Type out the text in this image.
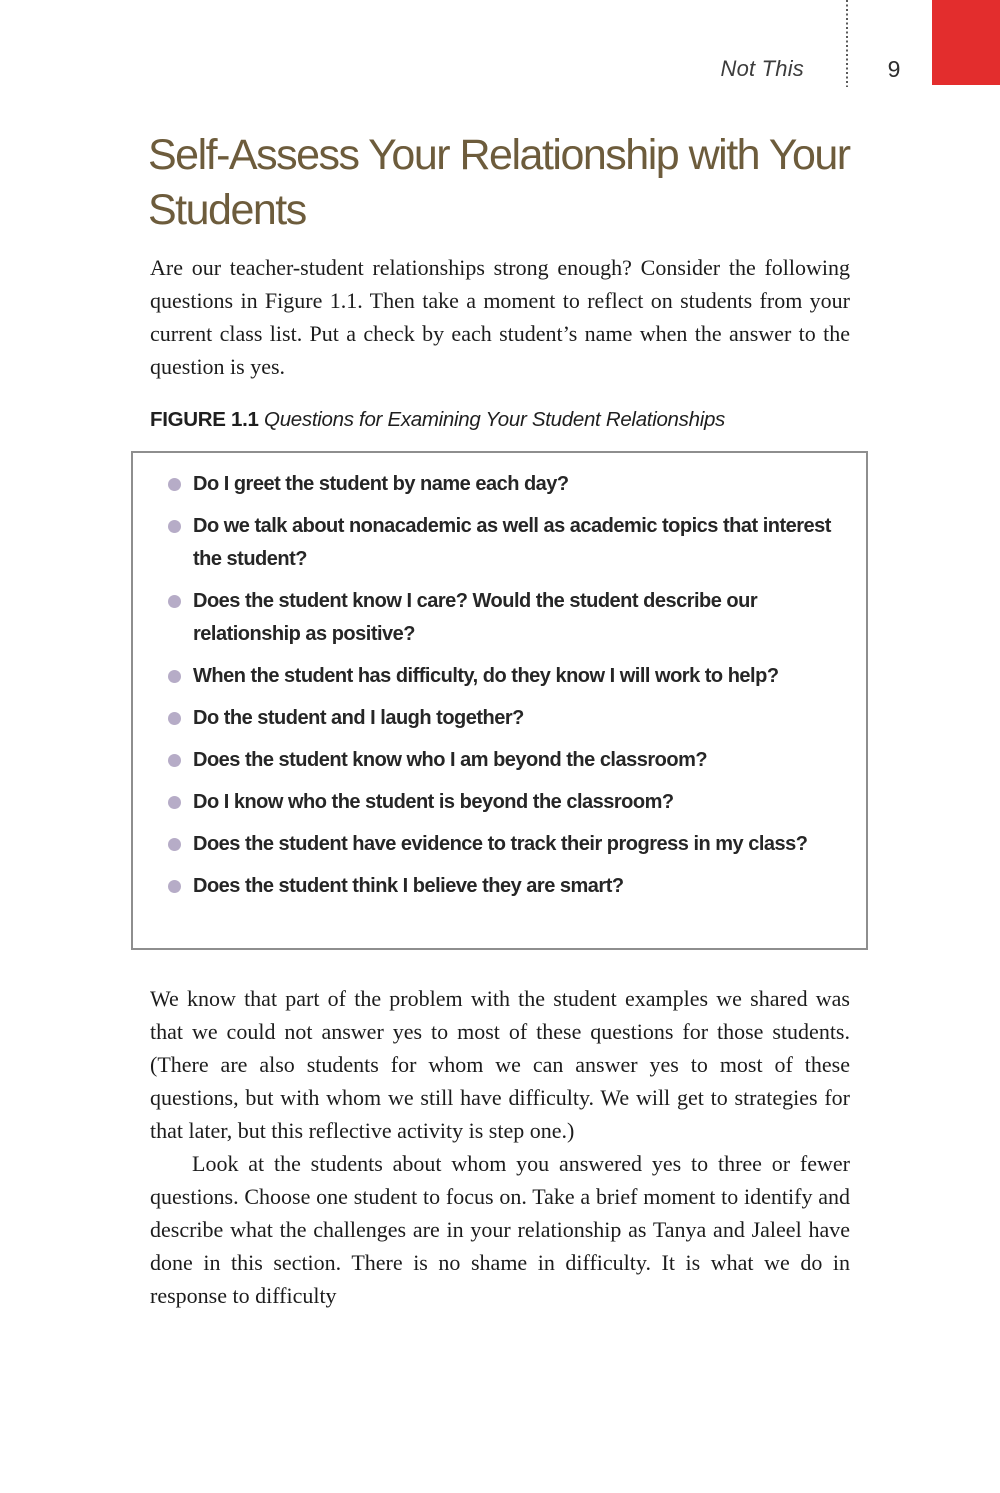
Not This	9
Self-Assess Your Relationship with Your Students

Are our teacher-student relationships strong enough? Consider the following questions in Figure 1.1. Then take a moment to reflect on students from your current class list. Put a check by each student’s name when the answer to the question is yes.

FIGURE 1.1 Questions for Examining Your Student Relationships

Do I greet the student by name each day?
Do we talk about nonacademic as well as academic topics that interest the student?
Does the student know I care? Would the student describe our relationship as positive?
When the student has difficulty, do they know I will work to help?
Do the student and I laugh together?
Does the student know who I am beyond the classroom?
Do I know who the student is beyond the classroom?
Does the student have evidence to track their progress in my class?
Does the student think I believe they are smart?

We know that part of the problem with the student examples we shared was that we could not answer yes to most of these questions for those students. (There are also students for whom we can answer yes to most of these questions, but with whom we still have difficulty. We will get to strategies for that later, but this reflective activity is step one.)

Look at the students about whom you answered yes to three or fewer questions. Choose one student to focus on. Take a brief moment to identify and describe what the challenges are in your relationship as Tanya and Jaleel have done in this section. There is no shame in difficulty. It is what we do in response to difficulty
